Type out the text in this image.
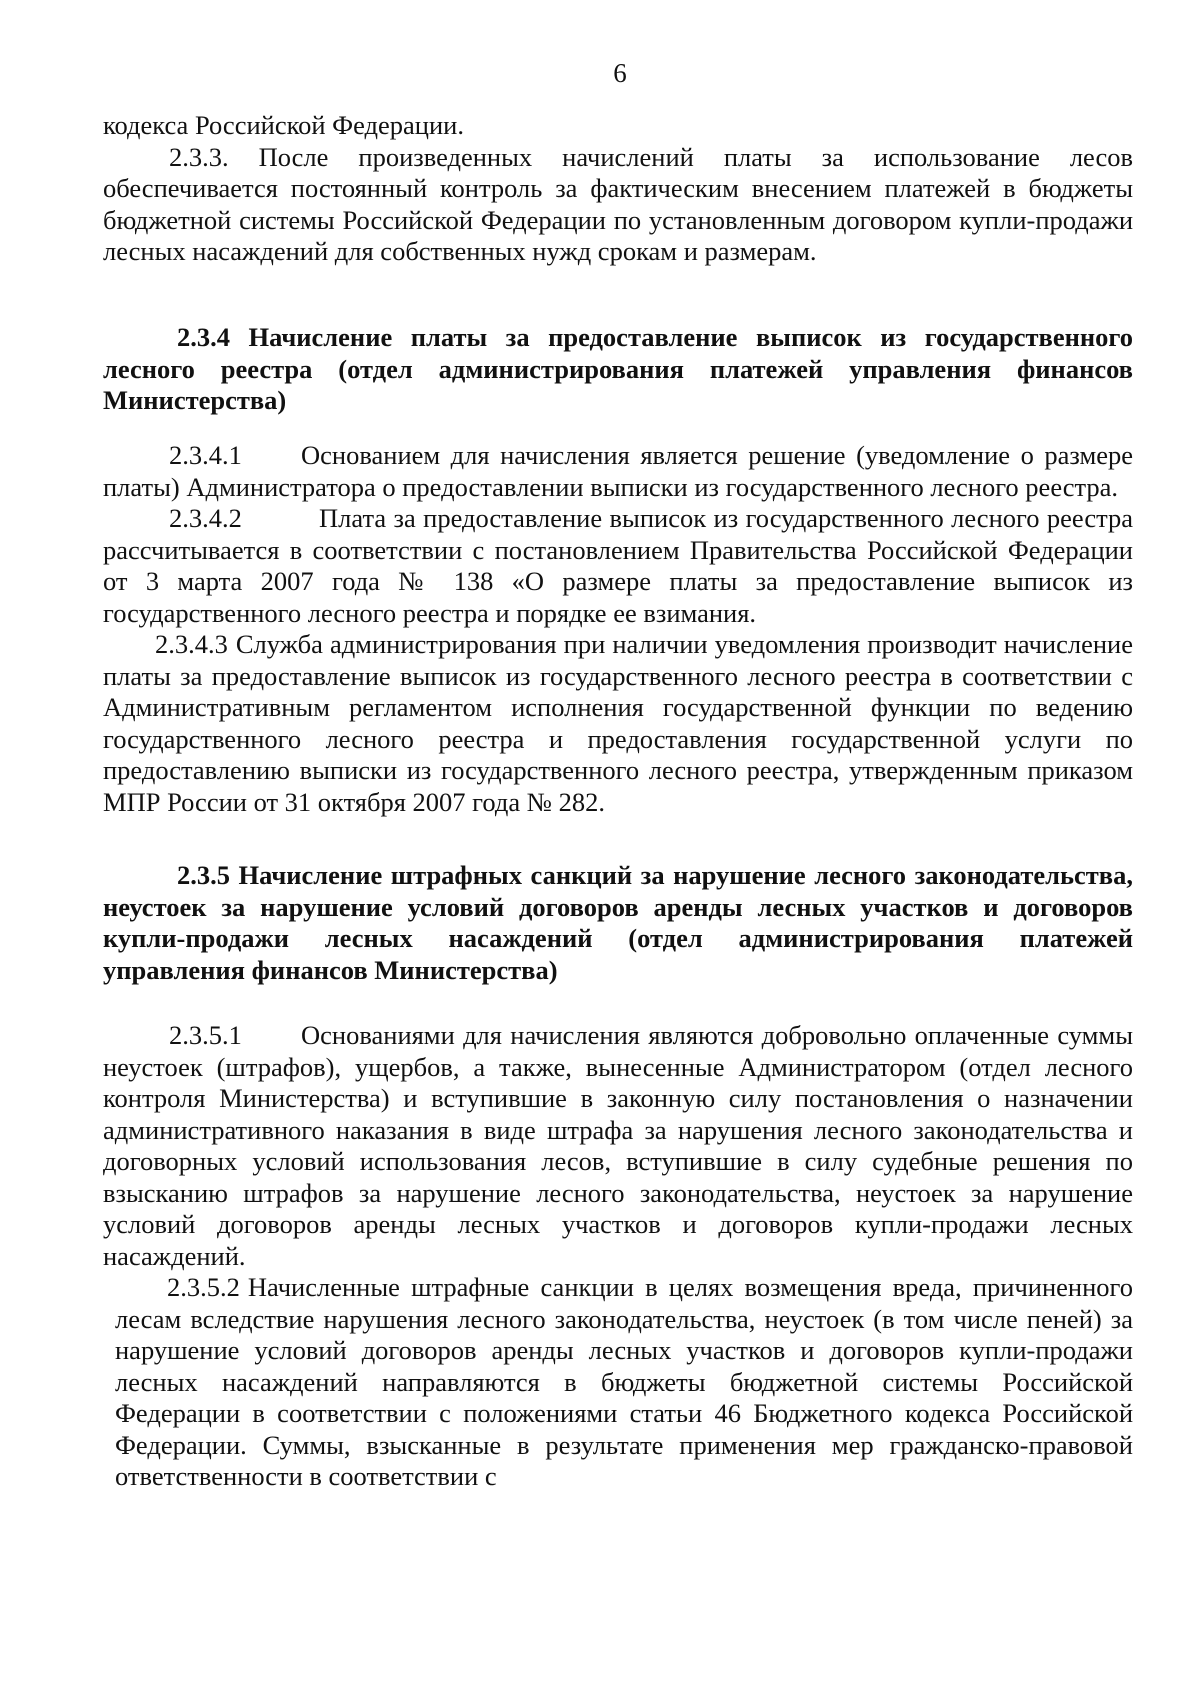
6

кодекса Российской Федерации.

2.3.3. После произведенных начислений платы за использование лесов обеспечивается постоянный контроль за фактическим внесением платежей в бюджеты бюджетной системы Российской Федерации по установленным договором купли-продажи лесных насаждений для собственных нужд срокам и размерам.

2.3.4 Начисление платы за предоставление выписок из государственного лесного реестра (отдел администрирования платежей управления финансов Министерства)

2.3.4.1 Основанием для начисления является решение (уведомление о размере платы) Администратора о предоставлении выписки из государственного лесного реестра.

2.3.4.2	Плата за предоставление выписок из государственного лесного реестра рассчитывается в соответствии с постановлением Правительства Российской Федерации от 3 марта 2007 года № 138 «О размере платы за предоставление выписок из государственного лесного реестра и порядке ее взимания.

2.3.4.3 Служба администрирования при наличии уведомления производит начисление платы за предоставление выписок из государственного лесного реестра в соответствии с Административным регламентом исполнения государственной функции по ведению государственного лесного реестра и предоставления государственной услуги по предоставлению выписки из государственного лесного реестра, утвержденным приказом МПР России от 31 октября 2007 года № 282.

2.3.5 Начисление штрафных санкций за нарушение лесного законодательства, неустоек за нарушение условий договоров аренды лесных участков и договоров купли-продажи лесных насаждений (отдел администрирования платежей управления финансов Министерства)

2.3.5.1 Основаниями для начисления являются добровольно оплаченные суммы неустоек (штрафов), ущербов, а также, вынесенные Администратором (отдел лесного контроля Министерства) и вступившие в законную силу постановления о назначении административного наказания в виде штрафа за нарушения лесного законодательства и договорных условий использования лесов, вступившие в силу судебные решения по взысканию штрафов за нарушение лесного законодательства, неустоек за нарушение условий договоров аренды лесных участков и договоров купли-продажи лесных насаждений.

2.3.5.2 Начисленные штрафные санкции в целях возмещения вреда, причиненного лесам вследствие нарушения лесного законодательства, неустоек (в том числе пеней) за нарушение условий договоров аренды лесных участков и договоров купли-продажи лесных насаждений направляются в бюджеты бюджетной системы Российской Федерации в соответствии с положениями статьи 46 Бюджетного кодекса Российской Федерации. Суммы, взысканные в результате применения мер гражданско-правовой ответственности в соответствии с
